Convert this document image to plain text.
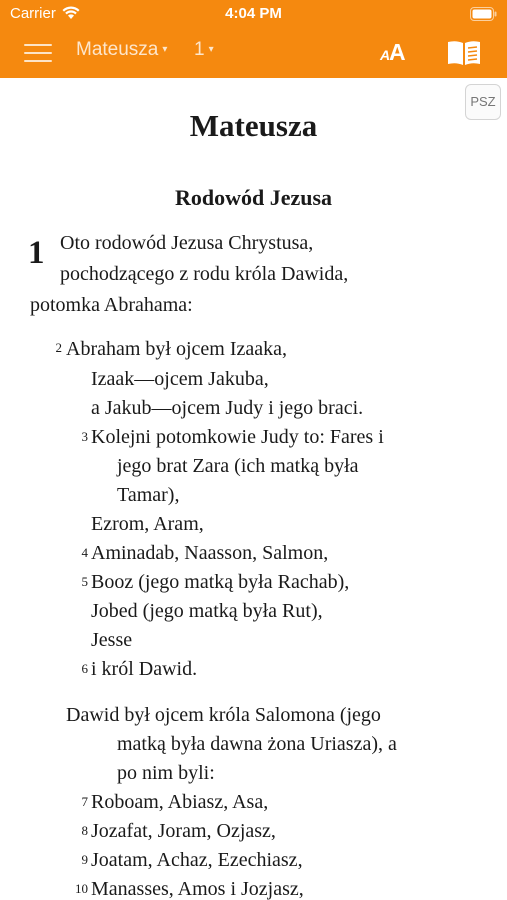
Carrier	4:04 PM
Mateusza ▾ 1 ▾	A
A
PSZ
Mateusza
Rodowód Jezusa
1 Oto rodowód Jezusa Chrystusa,
pochodzącego z rodu króla Dawida,
potomka Abrahama:
2 Abraham był ojcem Izaaka,
Izaak—ojcem Jakuba,
a Jakub—ojcem Judy i jego braci.
3 Kolejni potomkowie Judy to: Fares i
jego brat Zara (ich matką była
Tamar),
Ezrom, Aram,
4 Aminadab, Naasson, Salmon,
5 Booz (jego matką była Rachab),
Jobed (jego matką była Rut),
Jesse
6 i król Dawid.
Dawid był ojcem króla Salomona (jego
matką była dawna żona Uriasza), a
po nim byli:
7 Roboam, Abiasz, Asa,
8 Jozafat, Joram, Ozjasz,
9 Joatam, Achaz, Ezechiasz,
10 Manasses, Amos i Jozjasz,
